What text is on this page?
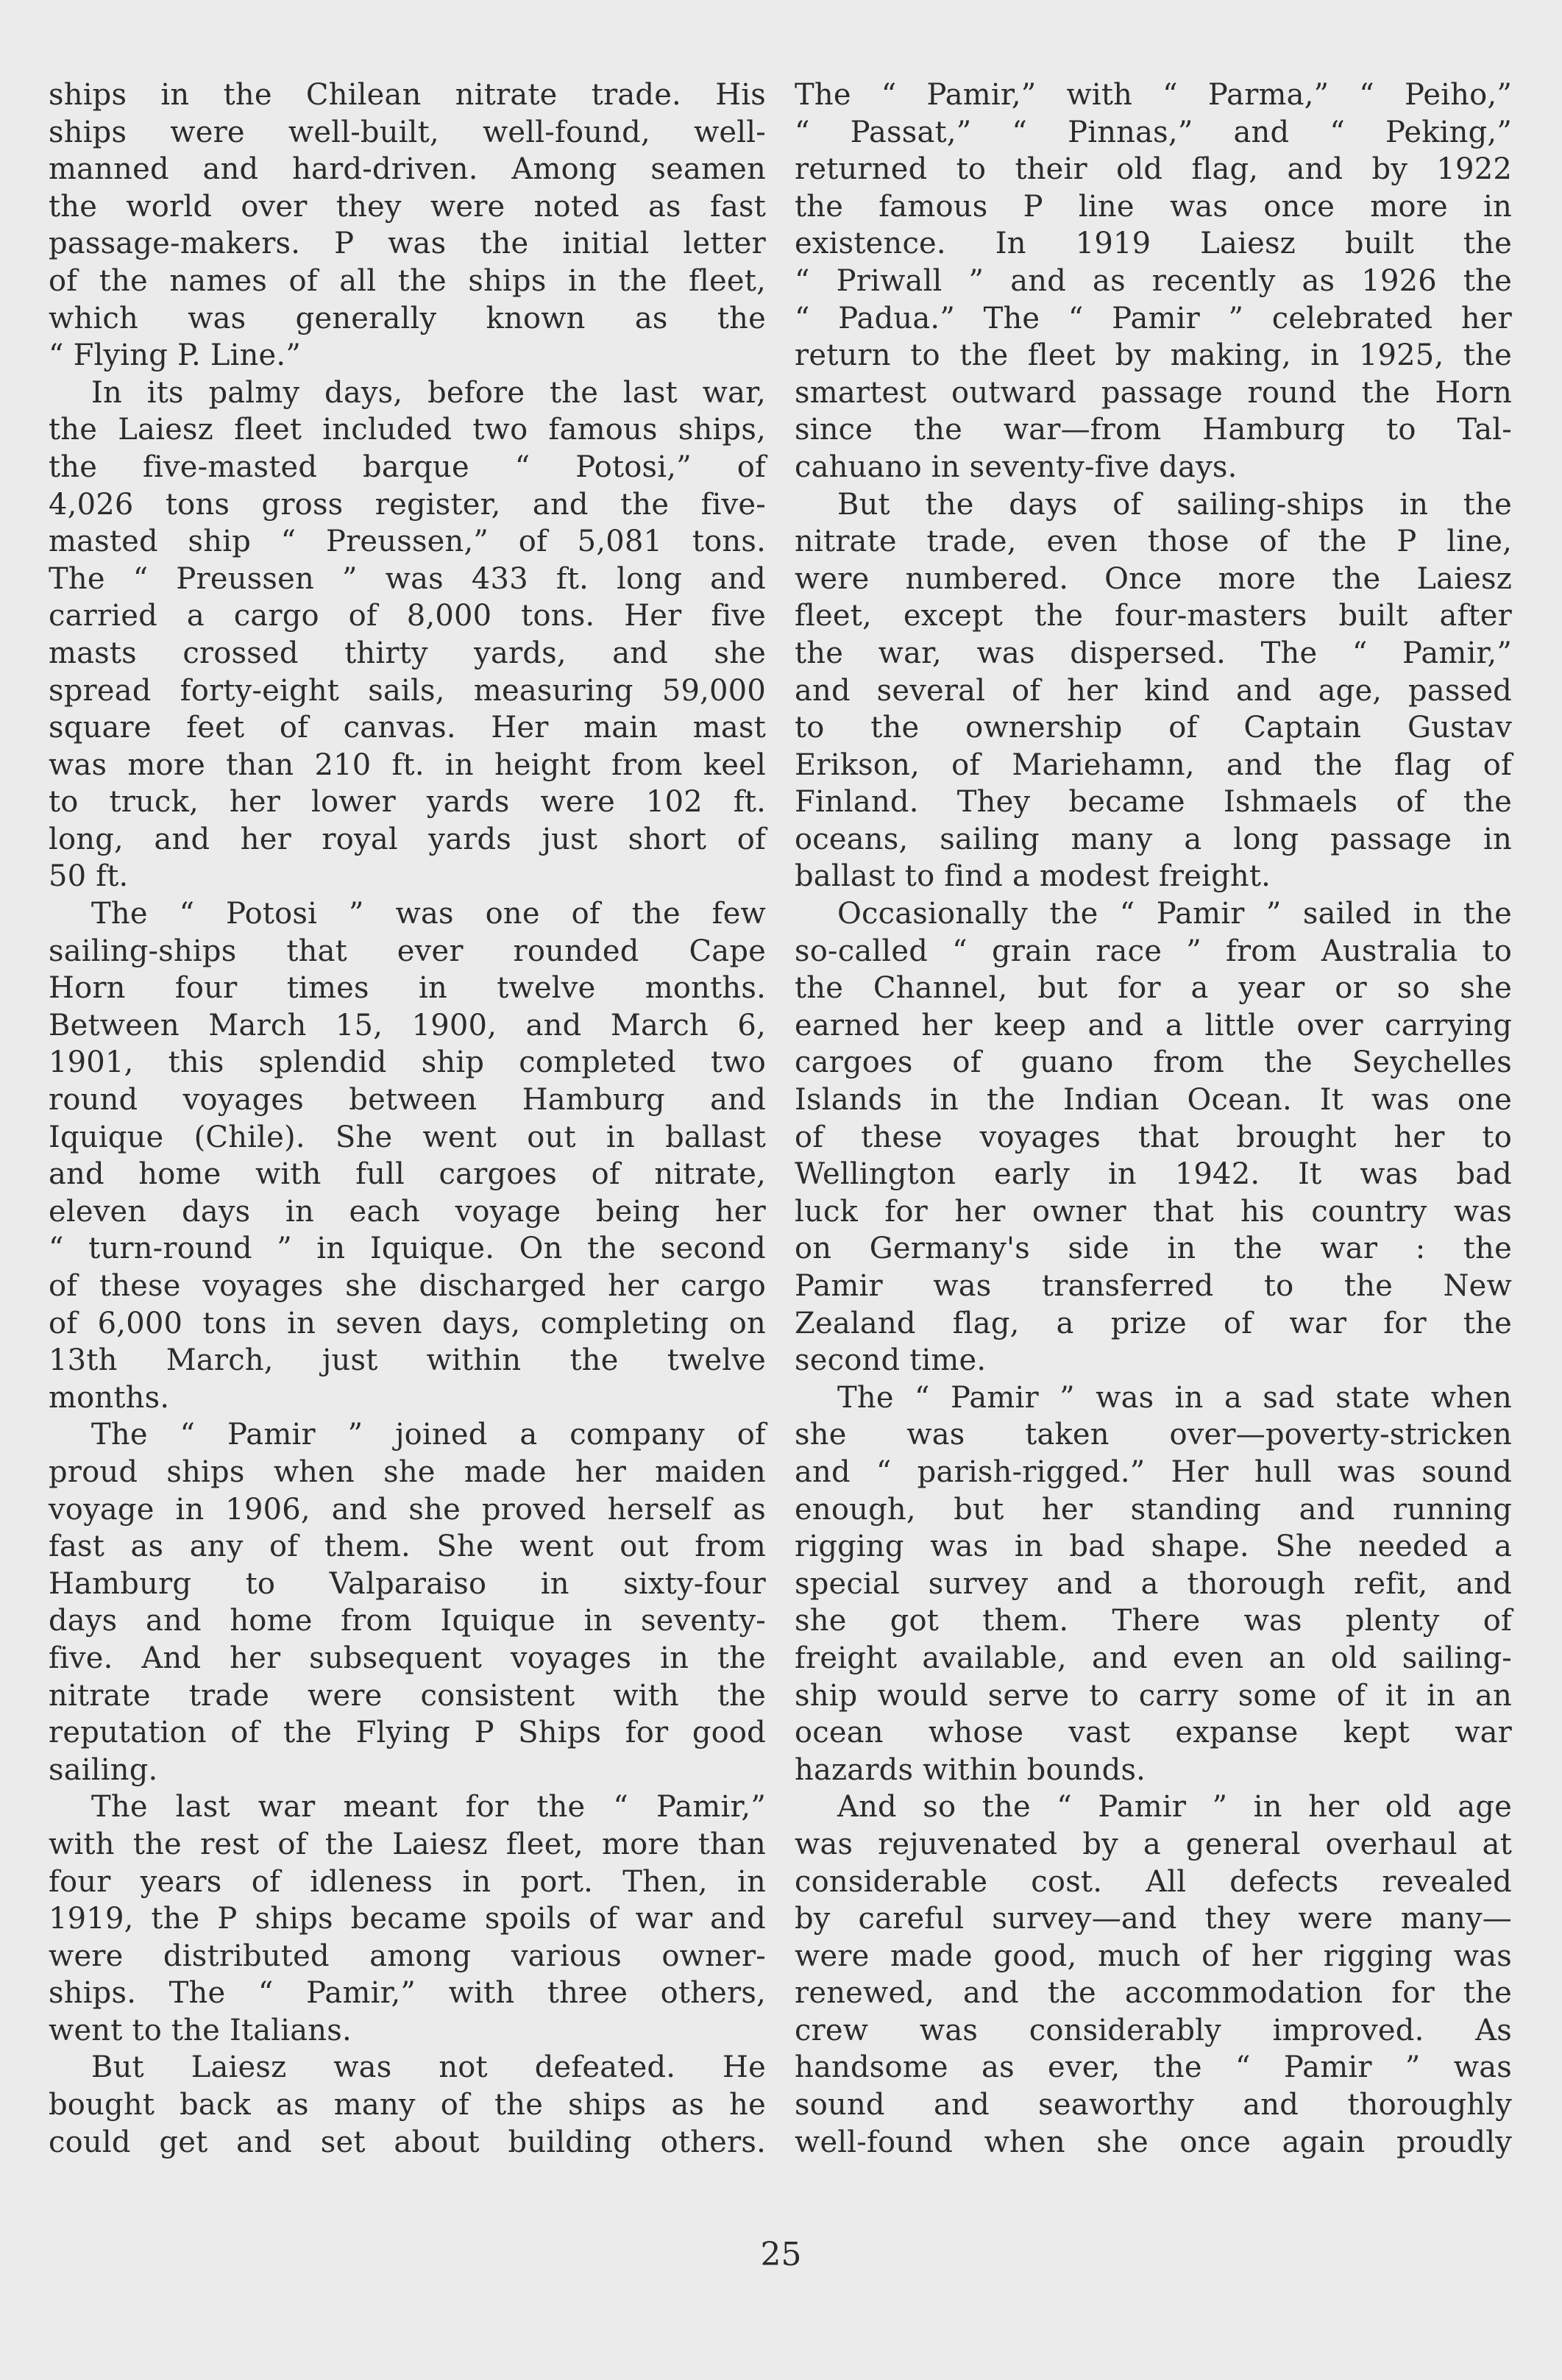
ships in the Chilean nitrate trade. His
ships were well-built, well-found, well-
manned and hard-driven. Among seamen
the world over they were noted as fast
passage-makers. P was the initial letter
of the names of all the ships in the fleet,
which was generally known as the
“ Flying P. Line.”
In its palmy days, before the last war,
the Laiesz fleet included two famous ships,
the five-masted barque “ Potosi,” of
4,026 tons gross register, and the five-
masted ship “ Preussen,” of 5,081 tons.
The “ Preussen ” was 433 ft. long and
carried a cargo of 8,000 tons. Her five
masts crossed thirty yards, and she
spread forty-eight sails, measuring 59,000
square feet of canvas. Her main mast
was more than 210 ft. in height from keel
to truck, her lower yards were 102 ft.
long, and her royal yards just short of
50 ft.
The “ Potosi ” was one of the few
sailing-ships that ever rounded Cape
Horn four times in twelve months.
Between March 15, 1900, and March 6,
1901, this splendid ship completed two
round voyages between Hamburg and
Iquique (Chile). She went out in ballast
and home with full cargoes of nitrate,
eleven days in each voyage being her
“ turn-round ” in Iquique. On the second
of these voyages she discharged her cargo
of 6,000 tons in seven days, completing on
13th March, just within the twelve
months.
The “ Pamir ” joined a company of
proud ships when she made her maiden
voyage in 1906, and she proved herself as
fast as any of them. She went out from
Hamburg to Valparaiso in sixty-four
days and home from Iquique in seventy-
five. And her subsequent voyages in the
nitrate trade were consistent with the
reputation of the Flying P Ships for good
sailing.
The last war meant for the “ Pamir,”
with the rest of the Laiesz fleet, more than
four years of idleness in port. Then, in
1919, the P ships became spoils of war and
were distributed among various owner-
ships. The “ Pamir,” with three others,
went to the Italians.
But Laiesz was not defeated. He
bought back as many of the ships as he
could get and set about building others.
The “ Pamir,” with “ Parma,” “ Peiho,”
“ Passat,” “ Pinnas,” and “ Peking,”
returned to their old flag, and by 1922
the famous P line was once more in
existence. In 1919 Laiesz built the
“ Priwall ” and as recently as 1926 the
“ Padua.” The “ Pamir ” celebrated her
return to the fleet by making, in 1925, the
smartest outward passage round the Horn
since the war—from Hamburg to Tal-
cahuano in seventy-five days.
But the days of sailing-ships in the
nitrate trade, even those of the P line,
were numbered. Once more the Laiesz
fleet, except the four-masters built after
the war, was dispersed. The “ Pamir,”
and several of her kind and age, passed
to the ownership of Captain Gustav
Erikson, of Mariehamn, and the flag of
Finland. They became Ishmaels of the
oceans, sailing many a long passage in
ballast to find a modest freight.
Occasionally the “ Pamir ” sailed in the
so-called “ grain race ” from Australia to
the Channel, but for a year or so she
earned her keep and a little over carrying
cargoes of guano from the Seychelles
Islands in the Indian Ocean. It was one
of these voyages that brought her to
Wellington early in 1942. It was bad
luck for her owner that his country was
on Germany's side in the war : the
Pamir was transferred to the New
Zealand flag, a prize of war for the
second time.
The “ Pamir ” was in a sad state when
she was taken over—poverty-stricken
and “ parish-rigged.” Her hull was sound
enough, but her standing and running
rigging was in bad shape. She needed a
special survey and a thorough refit, and
she got them. There was plenty of
freight available, and even an old sailing-
ship would serve to carry some of it in an
ocean whose vast expanse kept war
hazards within bounds.
And so the “ Pamir ” in her old age
was rejuvenated by a general overhaul at
considerable cost. All defects revealed
by careful survey—and they were many—
were made good, much of her rigging was
renewed, and the accommodation for the
crew was considerably improved. As
handsome as ever, the “ Pamir ” was
sound and seaworthy and thoroughly
well-found when she once again proudly
25
